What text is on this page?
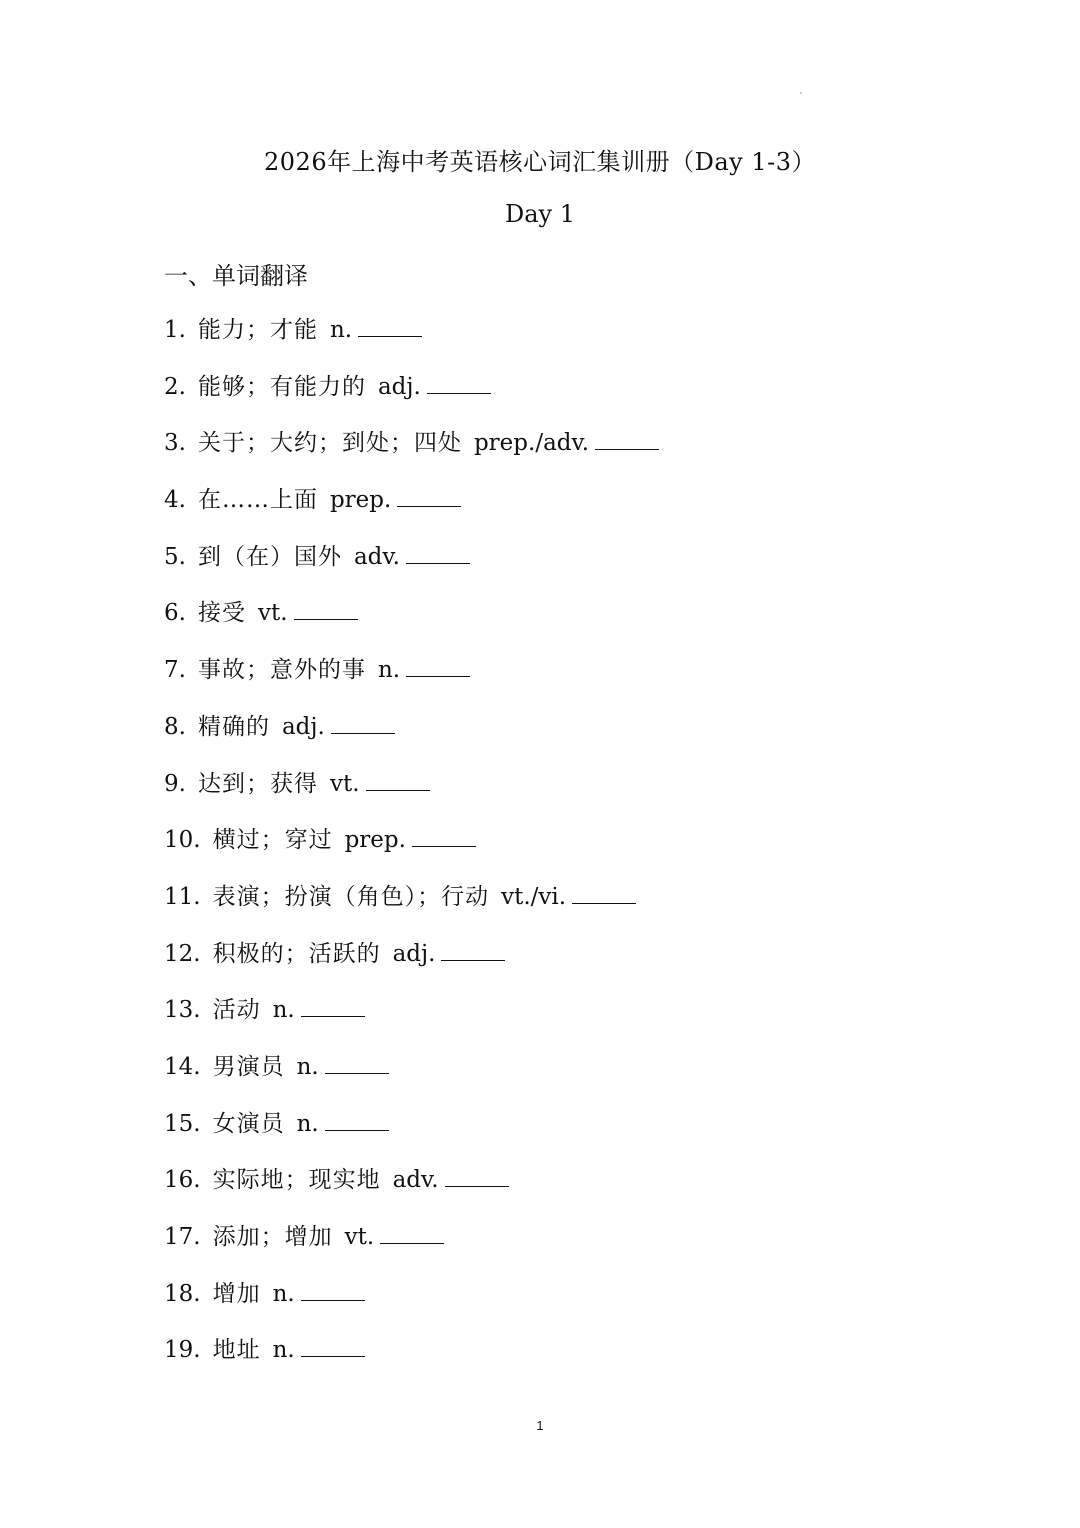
2026年上海中考英语核心词汇集训册（Day 1-3）
Day 1
一、单词翻译
1. 能力；才能 n.
2. 能够；有能力的 adj.
3. 关于；大约；到处；四处 prep./adv.
4. 在……上面 prep.
5. 到（在）国外 adv.
6. 接受 vt.
7. 事故；意外的事 n.
8. 精确的 adj.
9. 达到；获得 vt.
10. 横过；穿过 prep.
11. 表演；扮演（角色）；行动 vt./vi.
12. 积极的；活跃的 adj.
13. 活动 n.
14. 男演员 n.
15. 女演员 n.
16. 实际地；现实地 adv.
17. 添加；增加 vt.
18. 增加 n.
19. 地址 n.
1
